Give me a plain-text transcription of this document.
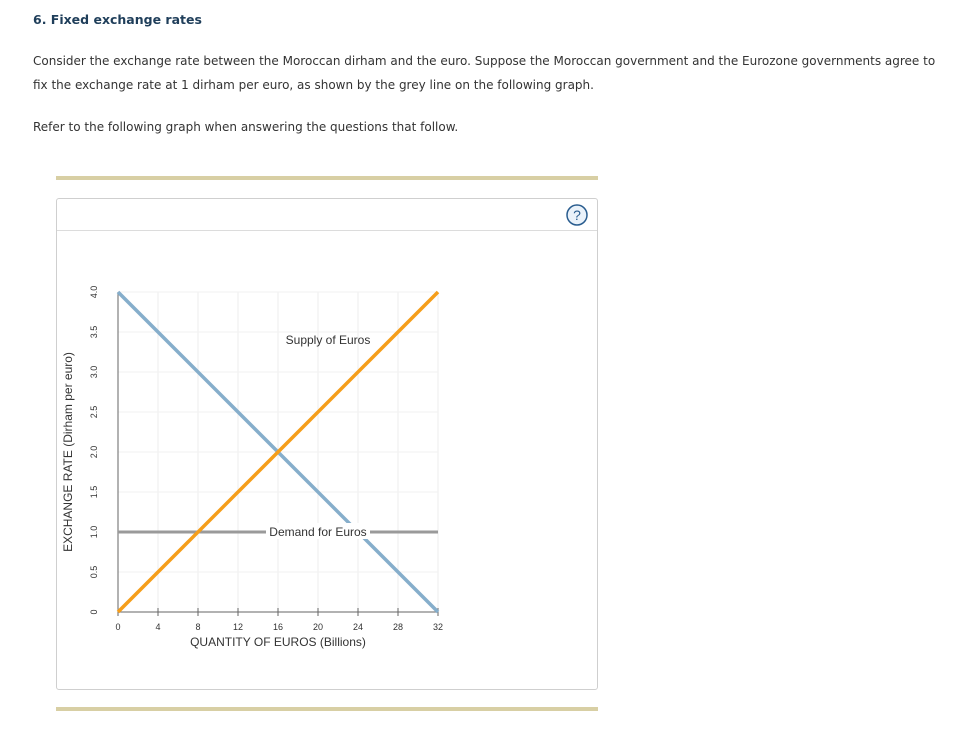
6. Fixed exchange rates
Consider the exchange rate between the Moroccan dirham and the euro. Suppose the Moroccan government and the Eurozone governments agree to
fix the exchange rate at 1 dirham per euro, as shown by the grey line on the following graph.
Refer to the following graph when answering the questions that follow.
?
0	4	8	12	16	20	24	28	32
0
0.5
1.0
1.5
2.0
2.5
3.0
3.5
4.0
QUANTITY OF EUROS (Billions)
EXCHANGE RATE (Dirham per euro)
Supply of Euros
Demand for Euros
